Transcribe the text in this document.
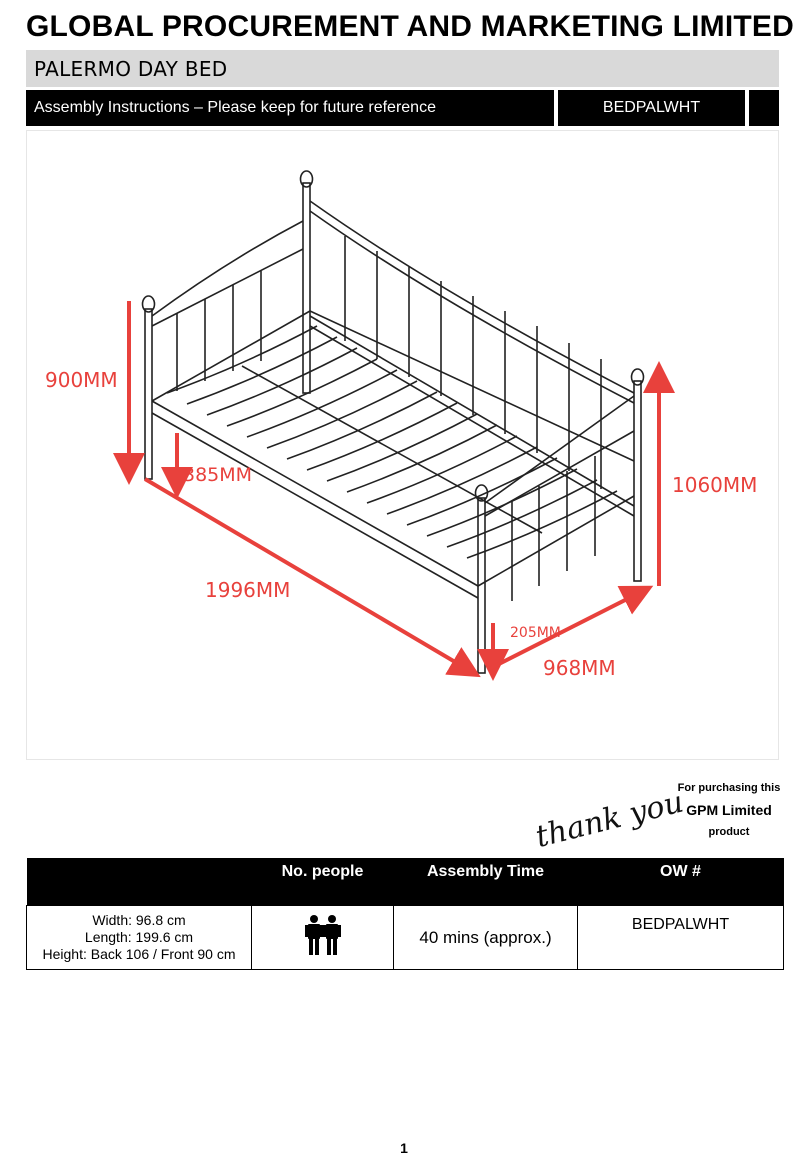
GLOBAL PROCUREMENT AND MARKETING LIMITED
PALERMO DAY BED
Assembly Instructions – Please keep for future reference	BEDPALWHT
900MM
385MM	1060MM
1996MM
205MM
968MM
thank you
For purchasing this
GPM Limited
product
	No. people	Assembly Time	OW #

Width: 96.8 cm
Length: 199.6 cm
Height: Back 106 / Front 90 cm		40 mins (approx.)	BEDPALWHT
1
